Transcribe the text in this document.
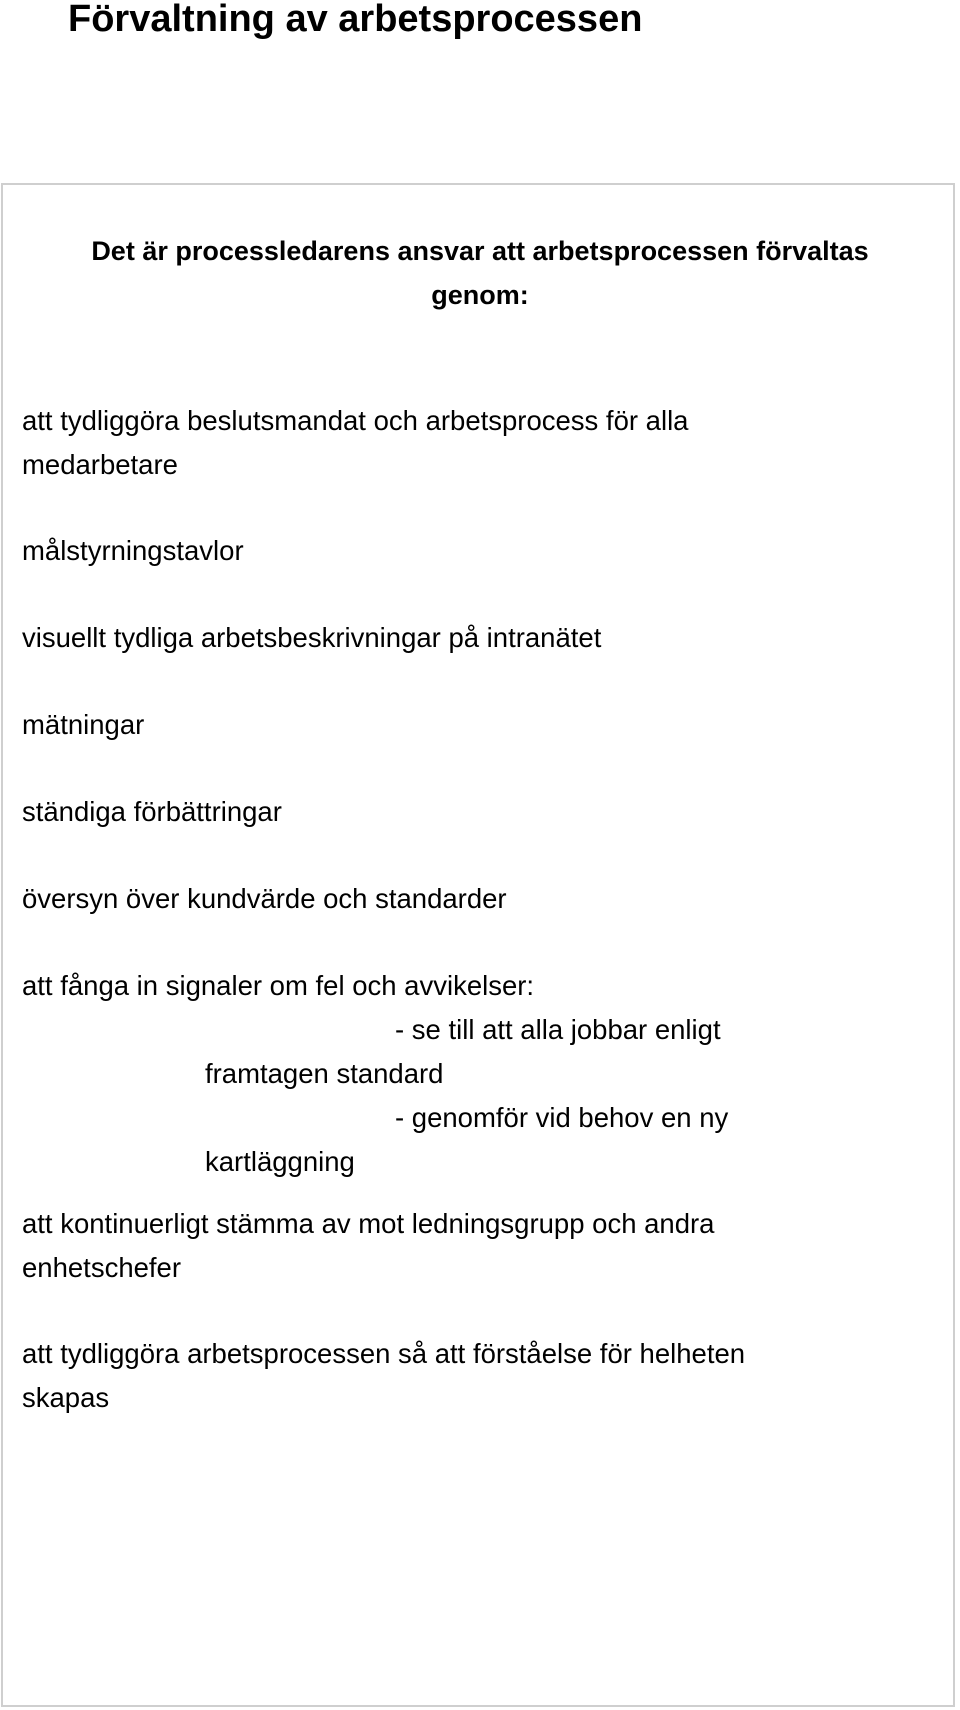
Förvaltning av arbetsprocessen
Det är processledarens ansvar att arbetsprocessen förvaltas
genom:

att tydliggöra beslutsmandat och arbetsprocess för alla
medarbetare

målstyrningstavlor

visuellt tydliga arbetsbeskrivningar på intranätet

mätningar

ständiga förbättringar

översyn över kundvärde och standarder

att fånga in signaler om fel och avvikelser:
- se till att alla jobbar enligt
framtagen standard
- genomför vid behov en ny
kartläggning

att kontinuerligt stämma av mot ledningsgrupp och andra
enhetschefer

att tydliggöra arbetsprocessen så att förståelse för helheten
skapas
